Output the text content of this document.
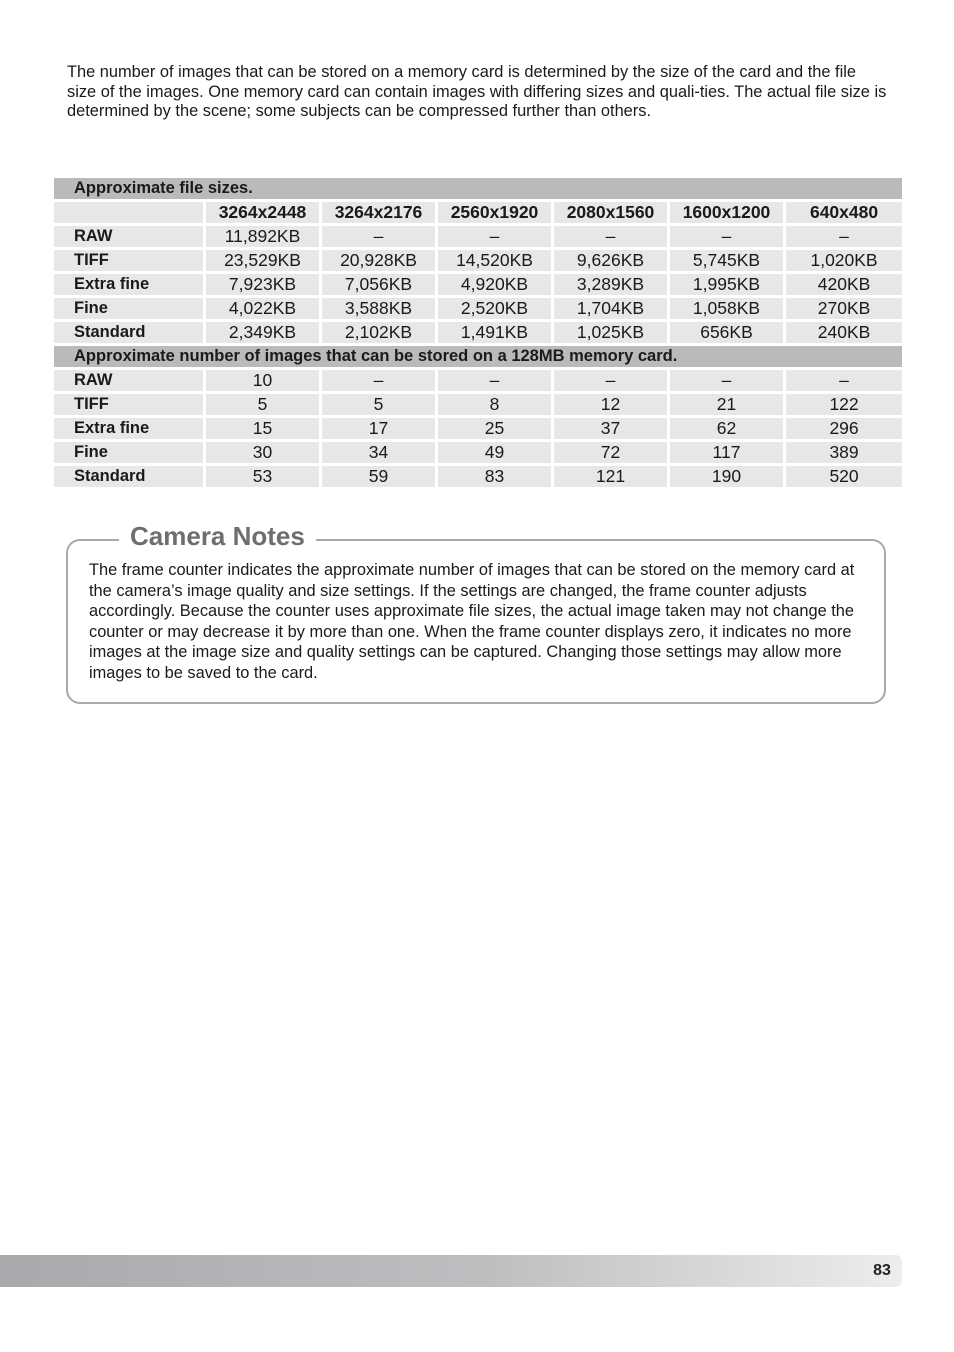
The number of images that can be stored on a memory card is determined by the size of the card and the file size of the images. One memory card can contain images with differing sizes and quali-ties. The actual file size is determined by the scene; some subjects can be compressed further than others.

Approximate file sizes.						
	3264x2448	3264x2176	2560x1920	2080x1560	1600x1200	640x480
RAW	11,892KB	–	–	–	–	–
TIFF	23,529KB	20,928KB	14,520KB	9,626KB	5,745KB	1,020KB
Extra fine	7,923KB	7,056KB	4,920KB	3,289KB	1,995KB	420KB
Fine	4,022KB	3,588KB	2,520KB	1,704KB	1,058KB	270KB
Standard	2,349KB	2,102KB	1,491KB	1,025KB	656KB	240KB
Approximate number of images that can be stored on a 128MB memory card.						
RAW	10	–	–	–	–	–
TIFF	5	5	8	12	21	122
Extra fine	15	17	25	37	62	296
Fine	30	34	49	72	117	389
Standard	53	59	83	121	190	520
Camera Notes

The frame counter indicates the approximate number of images that can be stored on the memory card at the camera’s image quality and size settings. If the settings are changed, the frame counter adjusts accordingly. Because the counter uses approximate file sizes, the actual image taken may not change the counter or may decrease it by more than one. When the frame counter displays zero, it indicates no more images at the image size and quality settings can be captured. Changing those settings may allow more images to be saved to the card.

83
